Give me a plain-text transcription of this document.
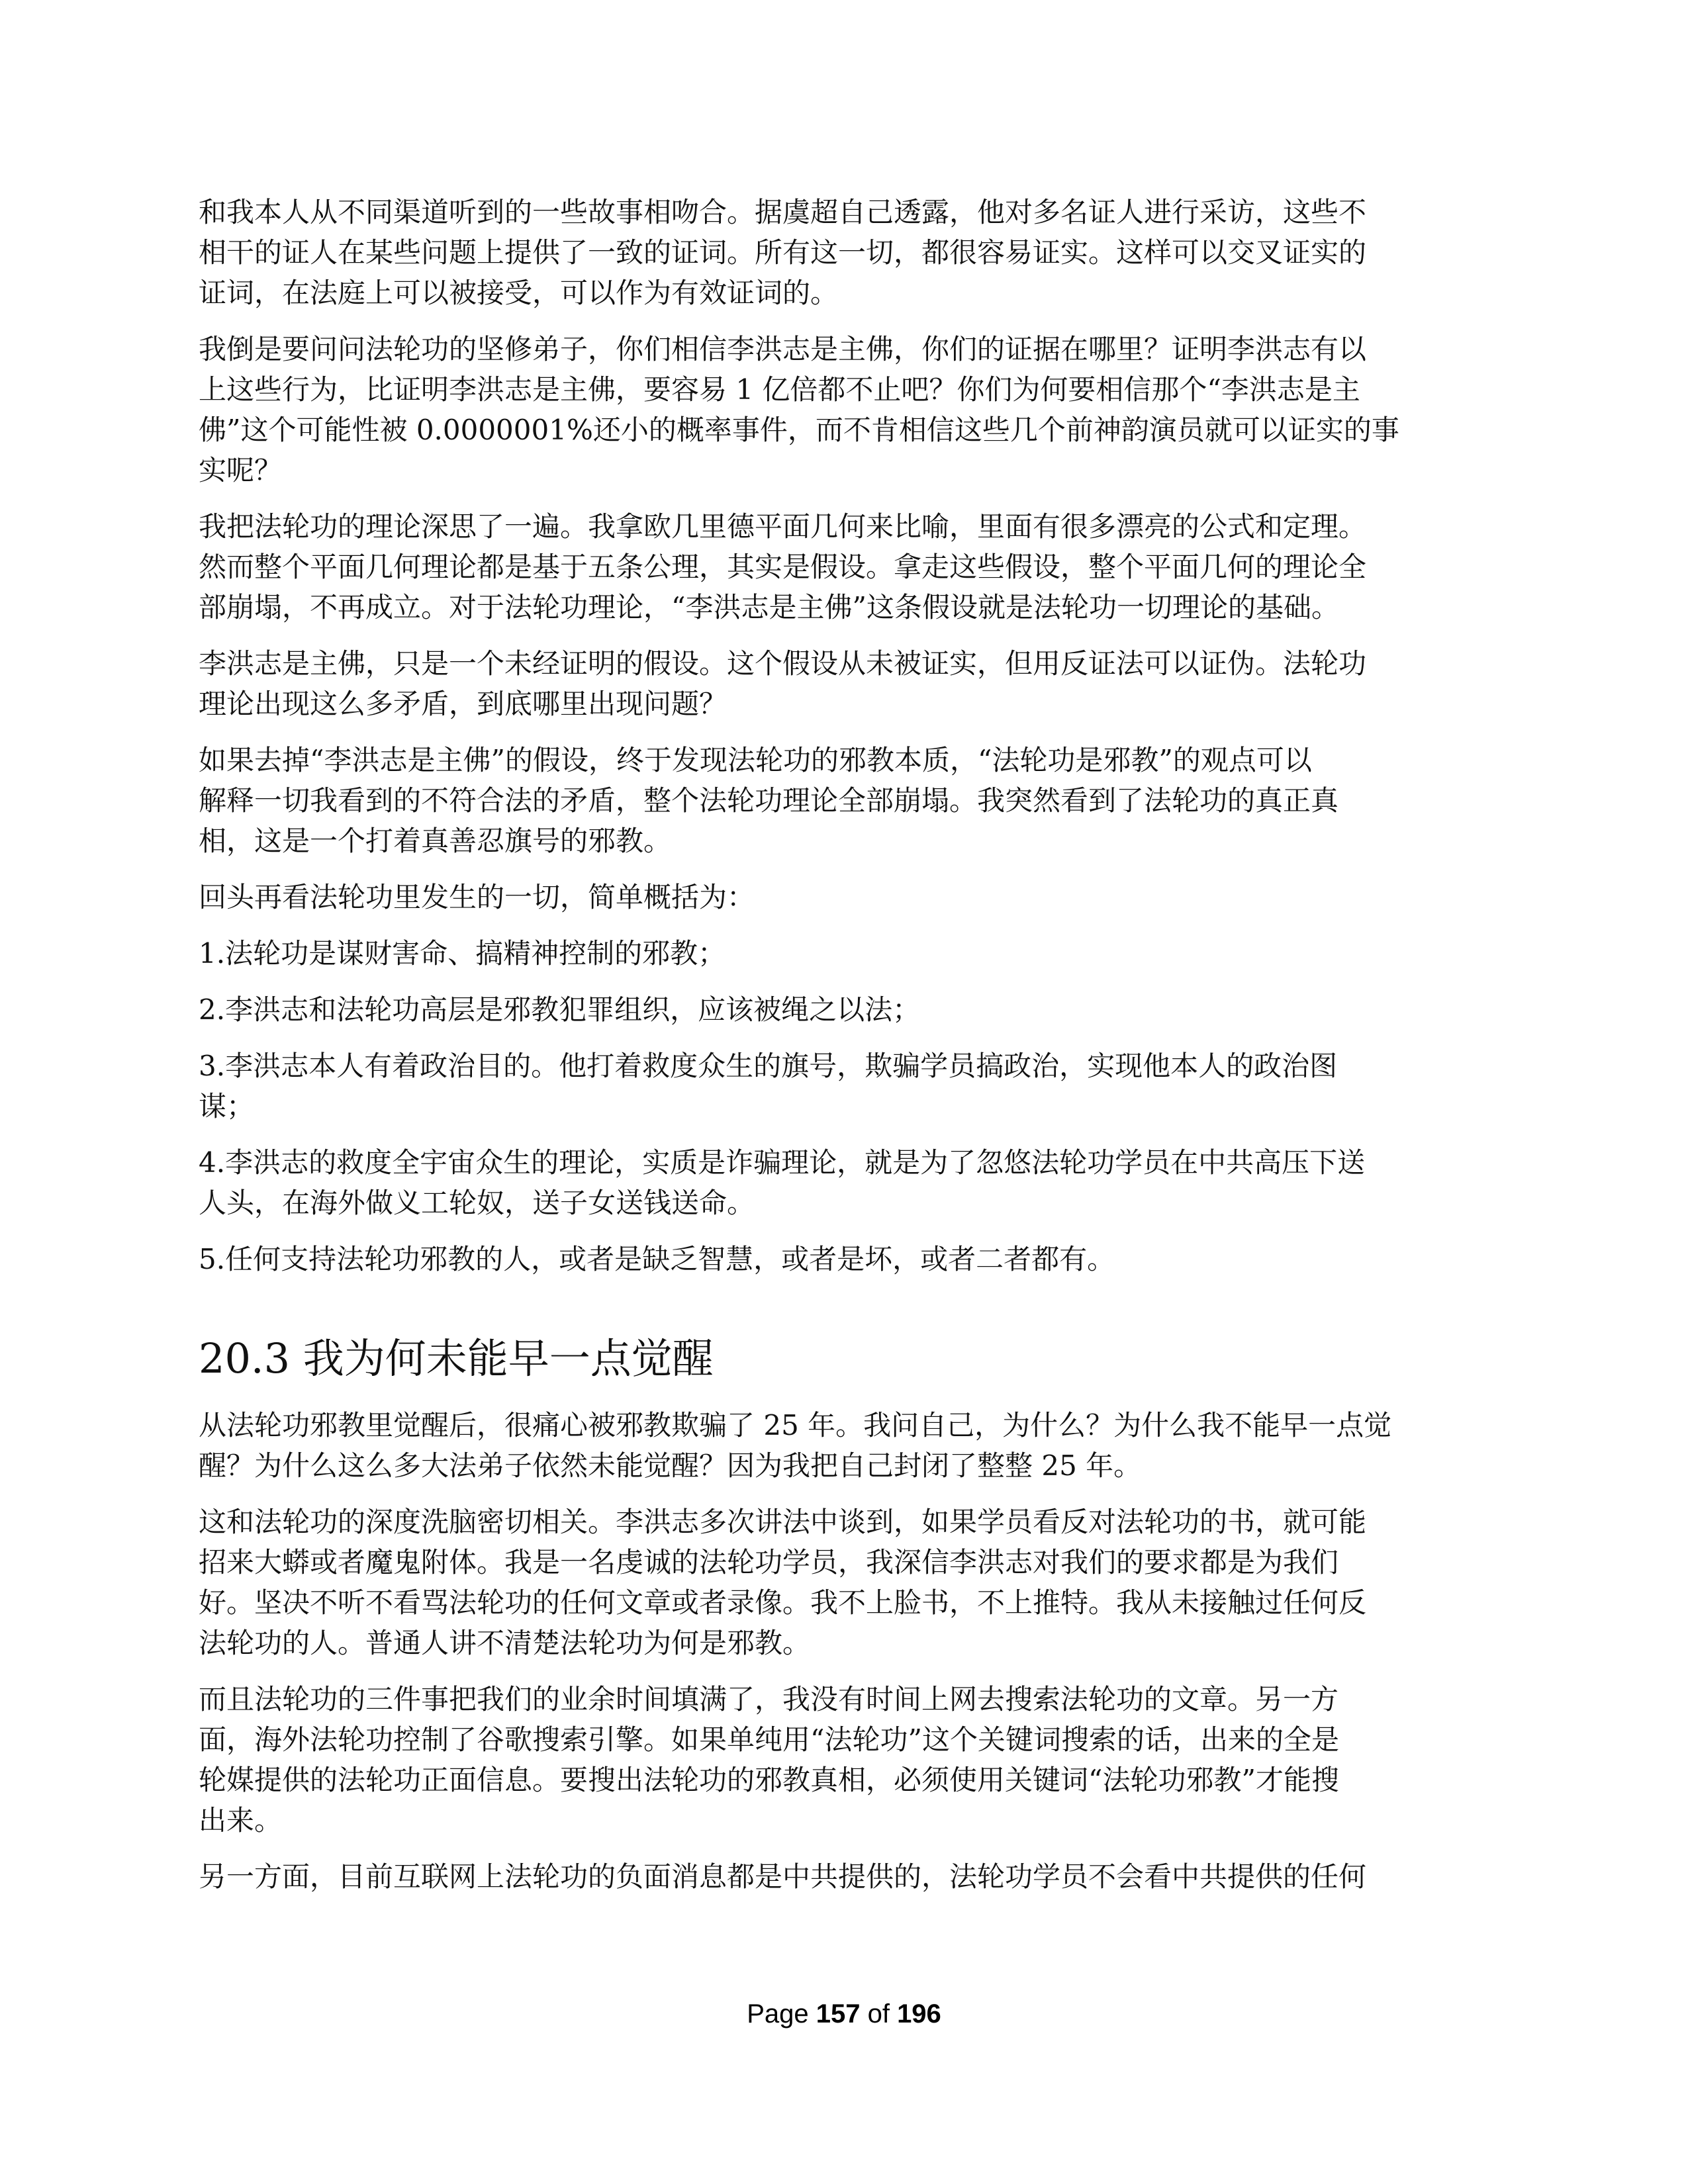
和我本人从不同渠道听到的一些故事相吻合。据虞超自己透露，他对多名证人进行采访，这些不
相干的证人在某些问题上提供了一致的证词。所有这一切，都很容易证实。这样可以交叉证实的
证词，在法庭上可以被接受，可以作为有效证词的。

我倒是要问问法轮功的坚修弟子，你们相信李洪志是主佛，你们的证据在哪里？证明李洪志有以
上这些行为，比证明李洪志是主佛，要容易 1 亿倍都不止吧？你们为何要相信那个“李洪志是主
佛”这个可能性被 0.0000001%还小的概率事件，而不肯相信这些几个前神韵演员就可以证实的事
实呢？

我把法轮功的理论深思了一遍。我拿欧几里德平面几何来比喻，里面有很多漂亮的公式和定理。
然而整个平面几何理论都是基于五条公理，其实是假设。拿走这些假设，整个平面几何的理论全
部崩塌，不再成立。对于法轮功理论，“李洪志是主佛”这条假设就是法轮功一切理论的基础。

李洪志是主佛，只是一个未经证明的假设。这个假设从未被证实，但用反证法可以证伪。法轮功
理论出现这么多矛盾，到底哪里出现问题？

如果去掉“李洪志是主佛”的假设，终于发现法轮功的邪教本质，“法轮功是邪教”的观点可以
解释一切我看到的不符合法的矛盾，整个法轮功理论全部崩塌。我突然看到了法轮功的真正真
相，这是一个打着真善忍旗号的邪教。

回头再看法轮功里发生的一切，简单概括为：

1.法轮功是谋财害命、搞精神控制的邪教；

2.李洪志和法轮功高层是邪教犯罪组织，应该被绳之以法；

3.李洪志本人有着政治目的。他打着救度众生的旗号，欺骗学员搞政治，实现他本人的政治图
谋；

4.李洪志的救度全宇宙众生的理论，实质是诈骗理论，就是为了忽悠法轮功学员在中共高压下送
人头，在海外做义工轮奴，送子女送钱送命。

5.任何支持法轮功邪教的人，或者是缺乏智慧，或者是坏，或者二者都有。

20.3 我为何未能早一点觉醒

从法轮功邪教里觉醒后，很痛心被邪教欺骗了 25 年。我问自己，为什么？为什么我不能早一点觉
醒？为什么这么多大法弟子依然未能觉醒？因为我把自己封闭了整整 25 年。

这和法轮功的深度洗脑密切相关。李洪志多次讲法中谈到，如果学员看反对法轮功的书，就可能
招来大蟒或者魔鬼附体。我是一名虔诚的法轮功学员，我深信李洪志对我们的要求都是为我们
好。坚决不听不看骂法轮功的任何文章或者录像。我不上脸书，不上推特。我从未接触过任何反
法轮功的人。普通人讲不清楚法轮功为何是邪教。

而且法轮功的三件事把我们的业余时间填满了，我没有时间上网去搜索法轮功的文章。另一方
面，海外法轮功控制了谷歌搜索引擎。如果单纯用“法轮功”这个关键词搜索的话，出来的全是
轮媒提供的法轮功正面信息。要搜出法轮功的邪教真相，必须使用关键词“法轮功邪教”才能搜
出来。

另一方面，目前互联网上法轮功的负面消息都是中共提供的，法轮功学员不会看中共提供的任何

Page 157 of 196
